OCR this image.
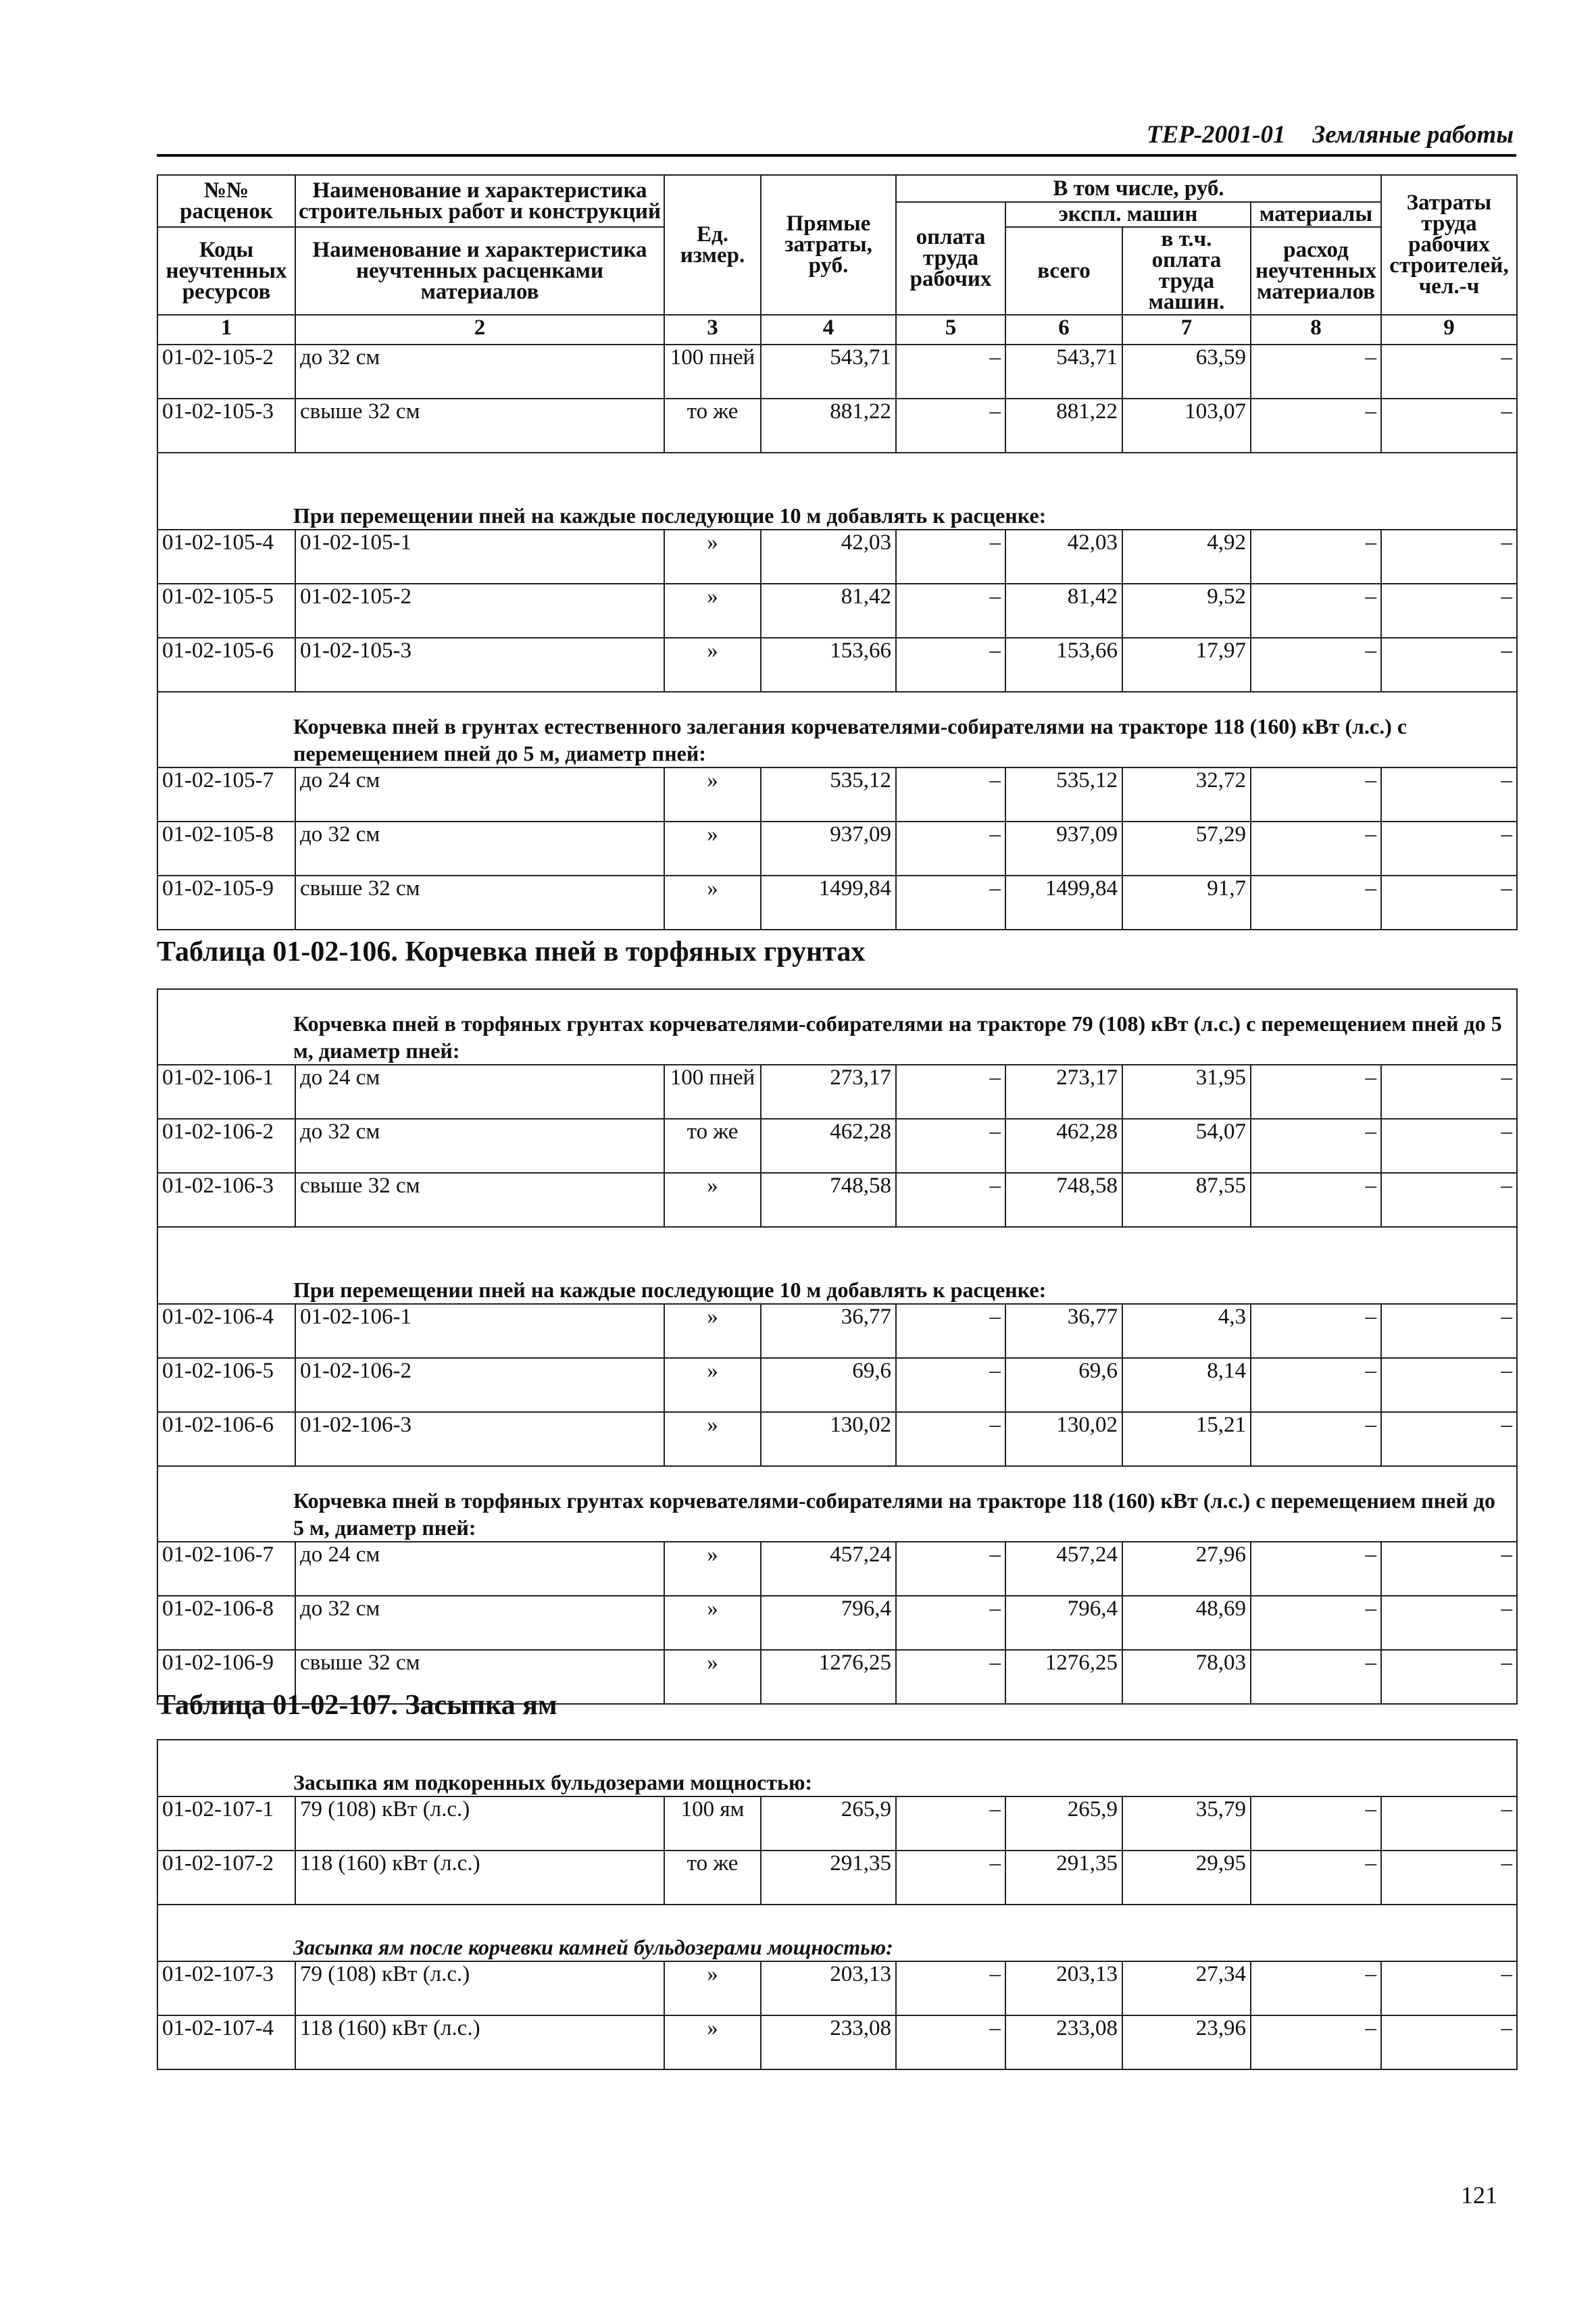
ТЕР-2001-01 Земляные работы
№№ расценок	Наименование и характеристика строительных работ и конструкций	Ед. измер.	Прямые затраты, руб.	В том числе, руб.				Затраты труда рабочих строителей, чел.-ч
				оплата труда рабочих	экспл. машин		материалы	
					всего	в т.ч. оплата труда машин.	расход неучтенных материалов	
Коды неучтенных ресурсов	Наименование и характеристика неучтенных расценками материалов							

1	2	3	4	5	6	7	8	9
01-02-105-2	до 32 см	100 пней	543,71	–	543,71	63,59	–	–
01-02-105-3	свыше 32 см	то же	881,22	–	881,22	103,07	–	–
При перемещении пней на каждые последующие 10 м добавлять к расценке:								
01-02-105-4	01-02-105-1	»	42,03	–	42,03	4,92	–	–
01-02-105-5	01-02-105-2	»	81,42	–	81,42	9,52	–	–
01-02-105-6	01-02-105-3	»	153,66	–	153,66	17,97	–	–
Корчевка пней в грунтах естественного залегания корчевателями-собирателями на тракторе 118 (160) кВт (л.с.) с перемещением пней до 5 м, диаметр пней:								
01-02-105-7	до 24 см	»	535,12	–	535,12	32,72	–	–
01-02-105-8	до 32 см	»	937,09	–	937,09	57,29	–	–
01-02-105-9	свыше 32 см	»	1499,84	–	1499,84	91,7	–	–
Таблица 01-02-106. Корчевка пней в торфяных грунтах
Корчевка пней в торфяных грунтах корчевателями-собирателями на тракторе 79 (108) кВт (л.с.) с перемещением пней до 5 м, диаметр пней:								
01-02-106-1	до 24 см	100 пней	273,17	–	273,17	31,95	–	–
01-02-106-2	до 32 см	то же	462,28	–	462,28	54,07	–	–
01-02-106-3	свыше 32 см	»	748,58	–	748,58	87,55	–	–
При перемещении пней на каждые последующие 10 м добавлять к расценке:								
01-02-106-4	01-02-106-1	»	36,77	–	36,77	4,3	–	–
01-02-106-5	01-02-106-2	»	69,6	–	69,6	8,14	–	–
01-02-106-6	01-02-106-3	»	130,02	–	130,02	15,21	–	–
Корчевка пней в торфяных грунтах корчевателями-собирателями на тракторе 118 (160) кВт (л.с.) с перемещением пней до 5 м, диаметр пней:								
01-02-106-7	до 24 см	»	457,24	–	457,24	27,96	–	–
01-02-106-8	до 32 см	»	796,4	–	796,4	48,69	–	–
01-02-106-9	свыше 32 см	»	1276,25	–	1276,25	78,03	–	–
Таблица 01-02-107. Засыпка ям
Засыпка ям подкоренных бульдозерами мощностью:								
01-02-107-1	79 (108) кВт (л.с.)	100 ям	265,9	–	265,9	35,79	–	–
01-02-107-2	118 (160) кВт (л.с.)	то же	291,35	–	291,35	29,95	–	–
Засыпка ям после корчевки камней бульдозерами мощностью:								
01-02-107-3	79 (108) кВт (л.с.)	»	203,13	–	203,13	27,34	–	–
01-02-107-4	118 (160) кВт (л.с.)	»	233,08	–	233,08	23,96	–	–
121
